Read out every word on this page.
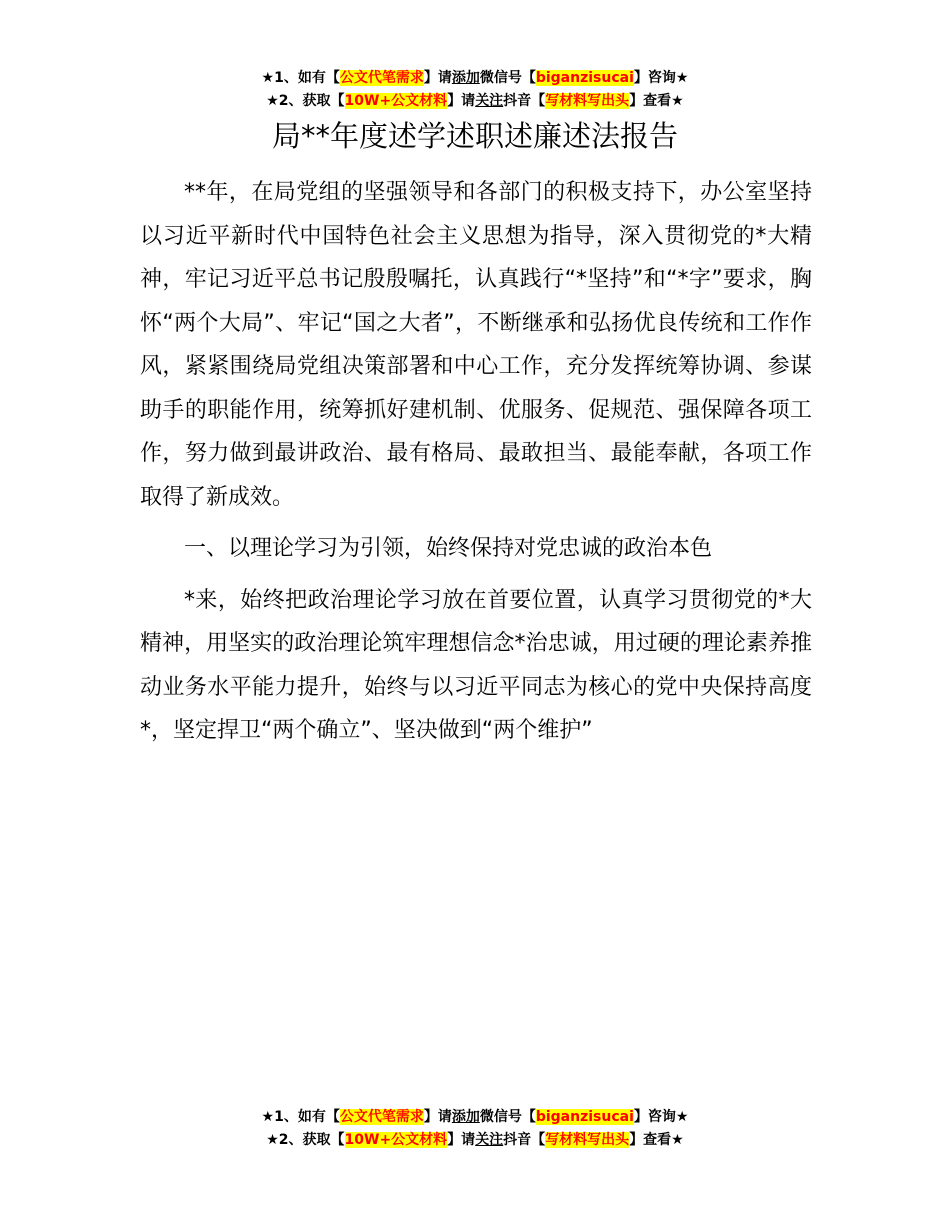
★1、如有【公文代笔需求】请添加微信号【biganzisucai】咨询★
★2、获取【10W+公文材料】请关注抖音【写材料写出头】查看★
局**年度述学述职述廉述法报告

**年，在局党组的坚强领导和各部门的积极支持下，办公室坚持以习近平新时代中国特色社会主义思想为指导，深入贯彻党的*大精神，牢记习近平总书记殷殷嘱托，认真践行“*坚持”和“*字”要求，胸怀“两个大局”、牢记“国之大者”，不断继承和弘扬优良传统和工作作风，紧紧围绕局党组决策部署和中心工作，充分发挥统筹协调、参谋助手的职能作用，统筹抓好建机制、优服务、促规范、强保障各项工作，努力做到最讲政治、最有格局、最敢担当、最能奉献，各项工作取得了新成效。

一、以理论学习为引领，始终保持对党忠诚的政治本色

*来，始终把政治理论学习放在首要位置，认真学习贯彻党的*大精神，用坚实的政治理论筑牢理想信念*治忠诚，用过硬的理论素养推动业务水平能力提升，始终与以习近平同志为核心的党中央保持高度*，坚定捍卫“两个确立”、坚决做到“两个维护”

★1、如有【公文代笔需求】请添加微信号【biganzisucai】咨询★
★2、获取【10W+公文材料】请关注抖音【写材料写出头】查看★
